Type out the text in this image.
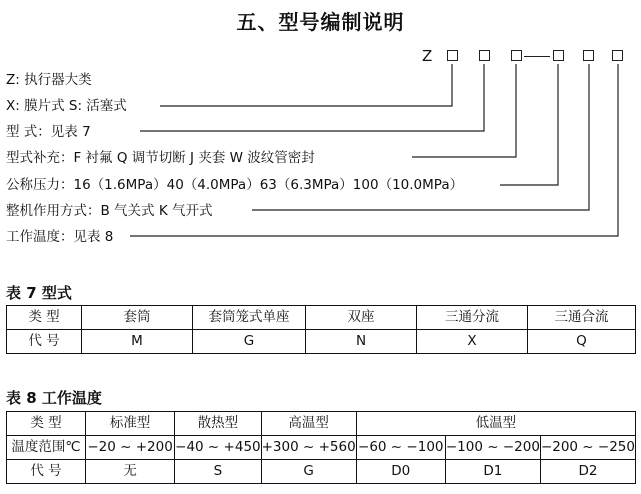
五、型号编制说明
Z
Z: 执行器大类
X: 膜片式 S: 活塞式
型 式：见表 7
型式补充：F 衬氟 Q 调节切断 J 夹套 W 波纹管密封
公称压力：16（1.6MPa）40（4.0MPa）63（6.3MPa）100（10.0MPa）
整机作用方式：B 气关式 K 气开式
工作温度：见表 8
表 7 型式
类 型	套筒	套筒笼式单座	双座	三通分流	三通合流
代 号	M	G	N	X	Q
表 8 工作温度
类 型	标准型	散热型	高温型	低温型		
温度范围℃	−20 ~ +200	−40 ~ +450	+300 ~ +560	−60 ~ −100	−100 ~ −200	−200 ~ −250
代 号	无	S	G	D0	D1	D2
